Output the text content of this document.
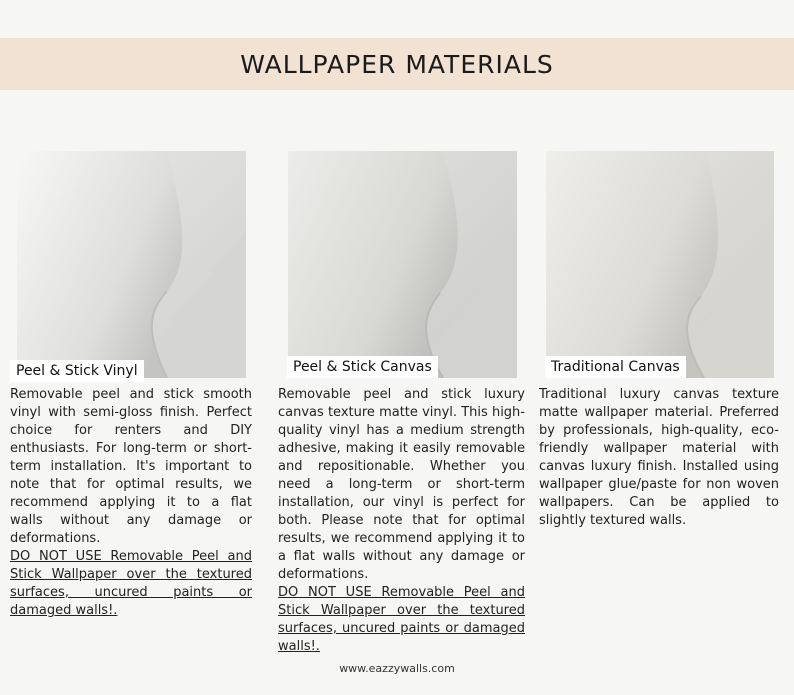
WALLPAPER MATERIALS
Peel & Stick Vinyl

Removable peel and stick smooth vinyl with semi-gloss finish. Perfect choice for renters and DIY enthusiasts. For long-term or short-term installation. It's important to note that for optimal results, we recommend applying it to a flat walls without any damage or deformations.

DO NOT USE Removable Peel and Stick Wallpaper over the textured surfaces, uncured paints or damaged walls!.

Peel & Stick Canvas

Removable peel and stick luxury canvas texture matte vinyl. This high-quality vinyl has a medium strength adhesive, making it easily removable and repositionable. Whether you need a long-term or short-term installation, our vinyl is perfect for both. Please note that for optimal results, we recommend applying it to a flat walls without any damage or deformations.

DO NOT USE Removable Peel and Stick Wallpaper over the textured surfaces, uncured paints or damaged walls!.

Traditional Canvas

Traditional luxury canvas texture matte wallpaper material. Preferred by professionals, high-quality, eco-friendly wallpaper material with canvas luxury finish. Installed using wallpaper glue/paste for non woven wallpapers. Can be applied to slightly textured walls.

www.eazzywalls.com
